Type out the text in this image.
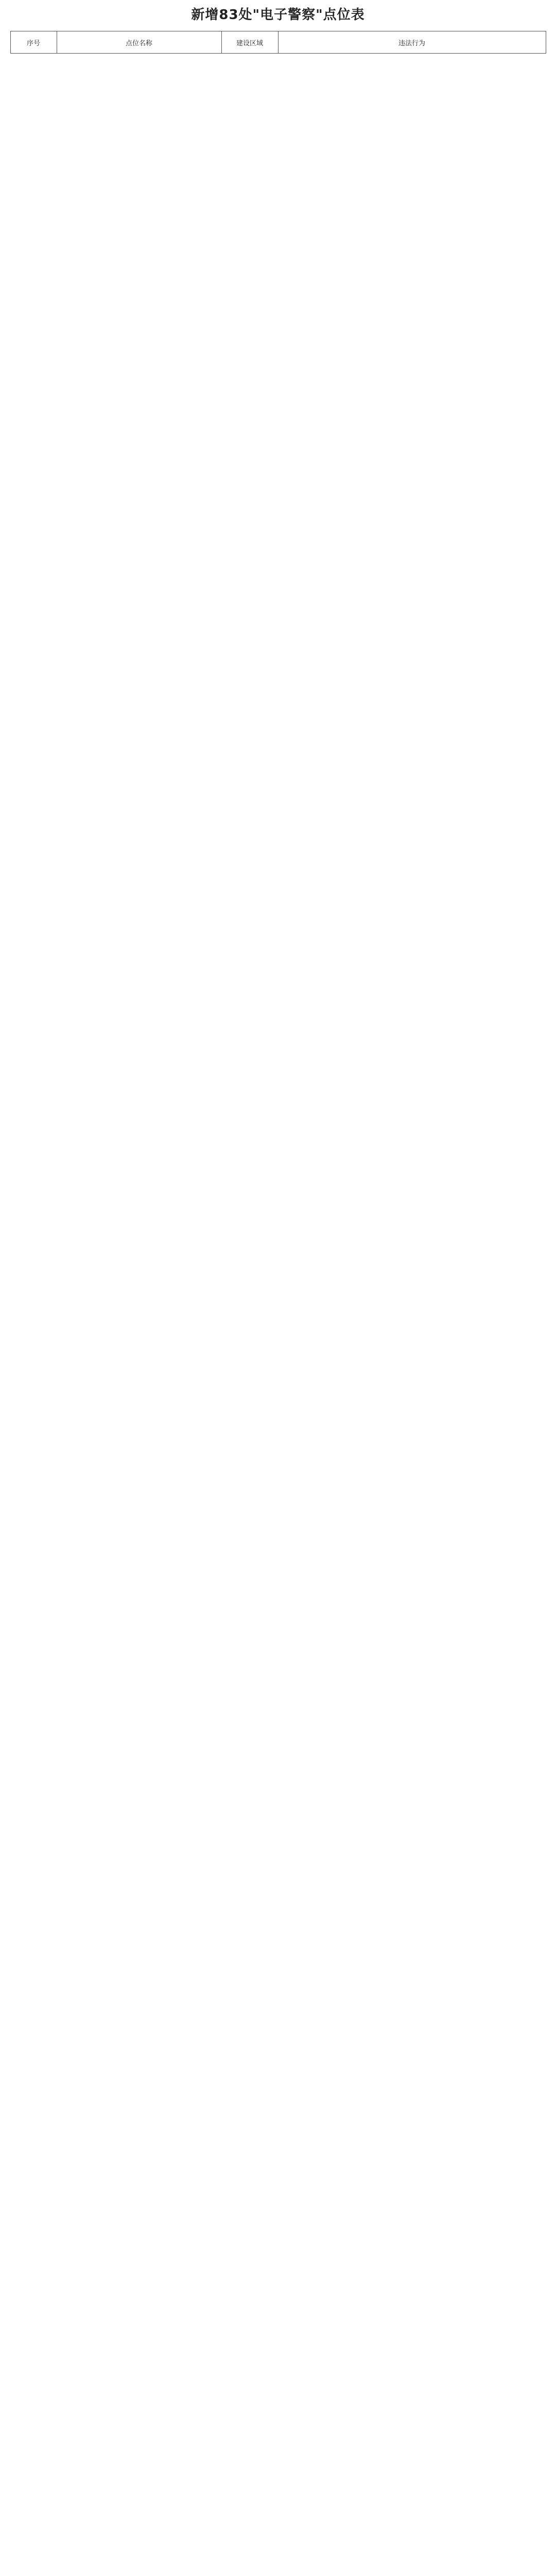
新增83处"电子警察"点位表
序号	点位名称	建设区域	违法行为
